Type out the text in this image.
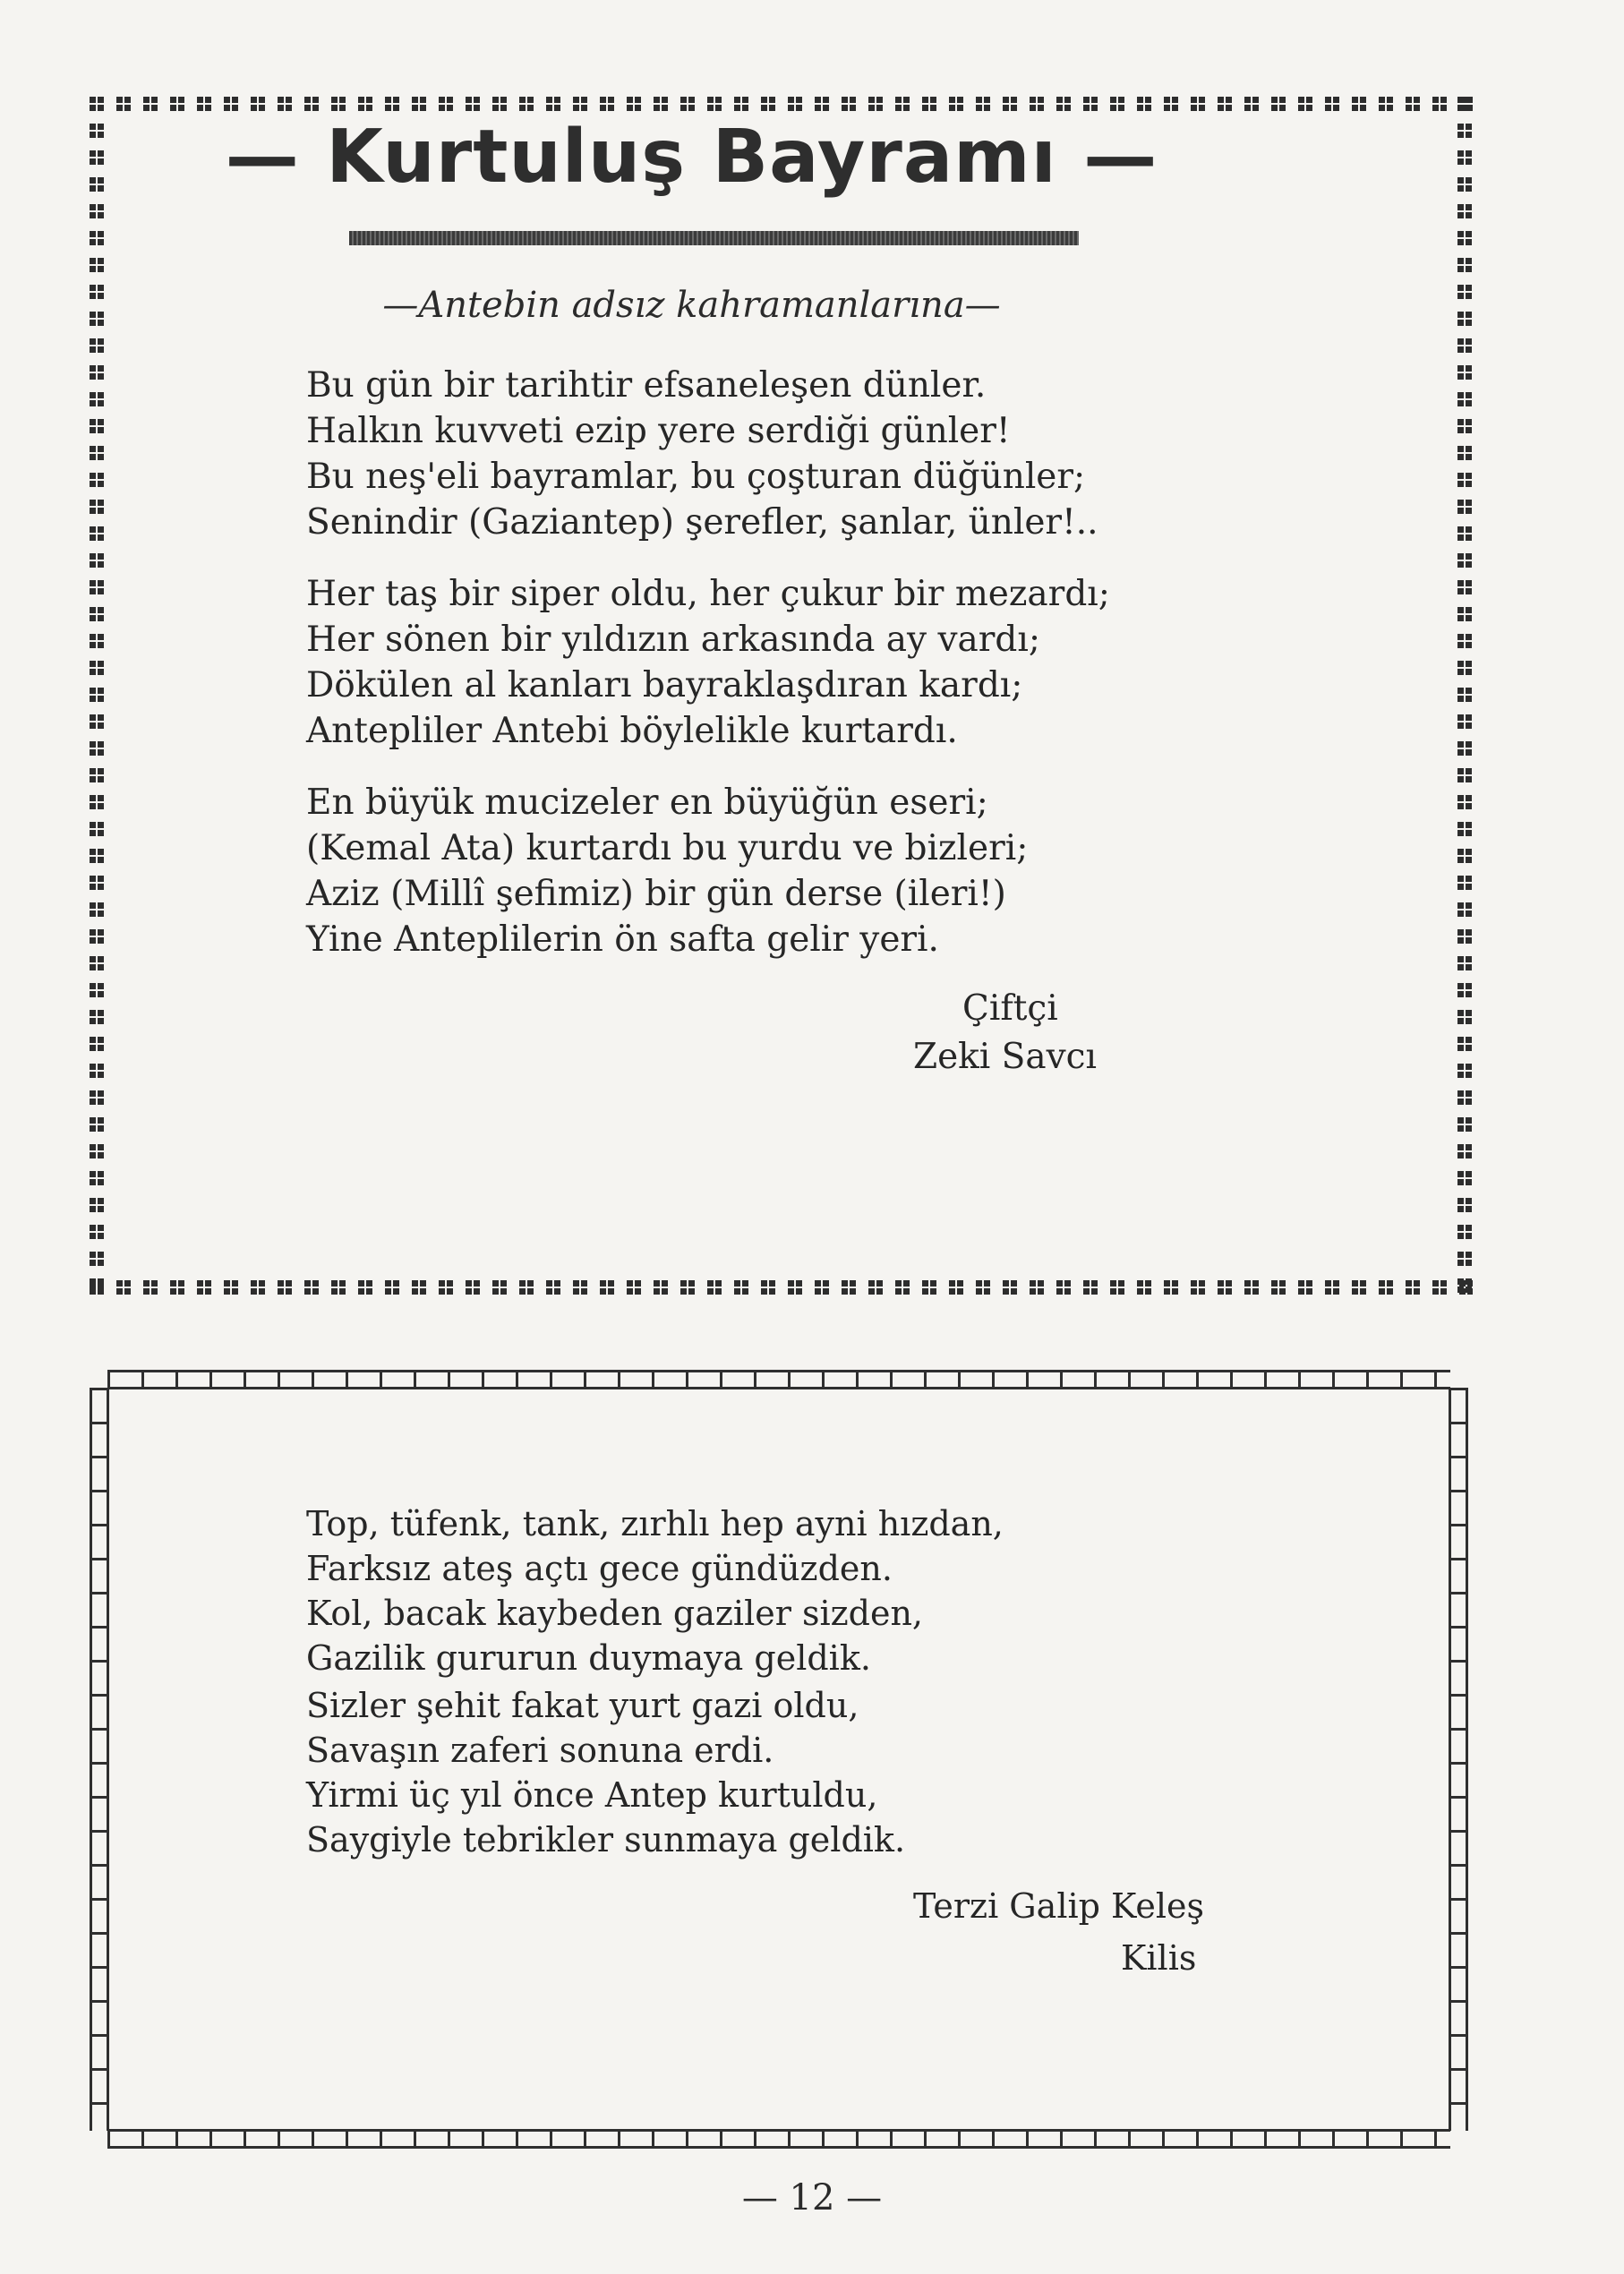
— Kurtuluş Bayramı —
—Antebin adsız kahramanlarına—
Bu gün bir tarihtir efsaneleşen dünler.
Halkın kuvveti ezip yere serdiği günler!
Bu neş'eli bayramlar, bu çoşturan düğünler;
Senindir (Gaziantep) şerefler, şanlar, ünler!..
Her taş bir siper oldu, her çukur bir mezardı;
Her sönen bir yıldızın arkasında ay vardı;
Dökülen al kanları bayraklaşdıran kardı;
Antepliler Antebi böylelikle kurtardı.
En büyük mucizeler en büyüğün eseri;
(Kemal Ata) kurtardı bu yurdu ve bizleri;
Aziz (Millî şefimiz) bir gün derse (ileri!)
Yine Anteplilerin ön safta gelir yeri.
Çiftçi
Zeki Savcı
Top, tüfenk, tank, zırhlı hep ayni hızdan,
Farksız ateş açtı gece gündüzden.
Kol, bacak kaybeden gaziler sizden,
Gazilik gururun duymaya geldik.
Sizler şehit fakat yurt gazi oldu,
Savaşın zaferi sonuna erdi.
Yirmi üç yıl önce Antep kurtuldu,
Saygiyle tebrikler sunmaya geldik.
Terzi Galip Keleş
Kilis
— 12 —
